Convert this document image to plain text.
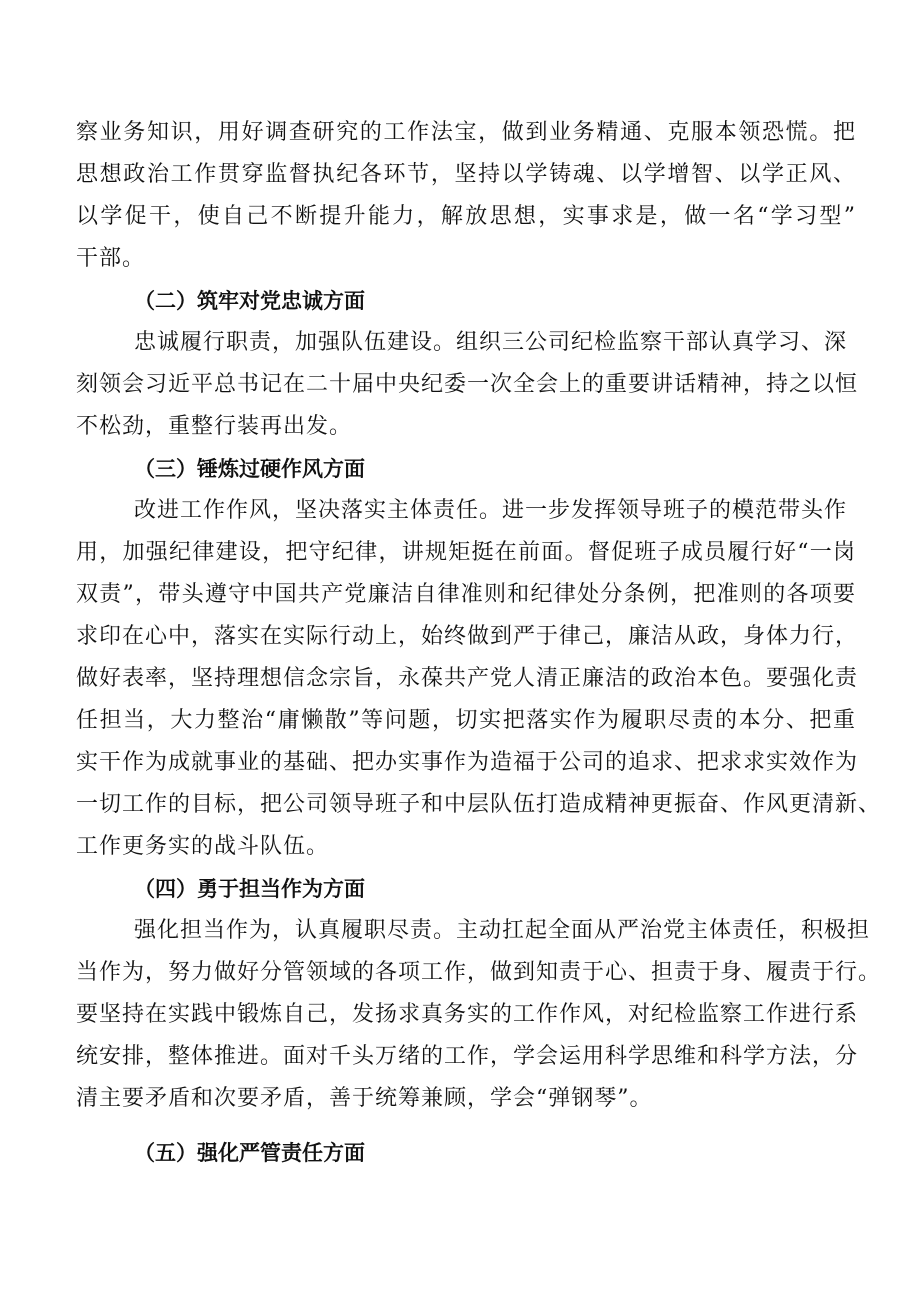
察业务知识，用好调查研究的工作法宝，做到业务精通、克服本领恐慌。把
思想政治工作贯穿监督执纪各环节，坚持以学铸魂、以学增智、以学正风、
以学促干，使自己不断提升能力，解放思想，实事求是，做一名“学习型”
干部。
（二）筑牢对党忠诚方面
忠诚履行职责，加强队伍建设。组织三公司纪检监察干部认真学习、深
刻领会习近平总书记在二十届中央纪委一次全会上的重要讲话精神，持之以恒
不松劲，重整行装再出发。
（三）锤炼过硬作风方面
改进工作作风，坚决落实主体责任。进一步发挥领导班子的模范带头作
用，加强纪律建设，把守纪律，讲规矩挺在前面。督促班子成员履行好“一岗
双责”，带头遵守中国共产党廉洁自律准则和纪律处分条例，把准则的各项要
求印在心中，落实在实际行动上，始终做到严于律己，廉洁从政，身体力行，
做好表率，坚持理想信念宗旨，永葆共产党人清正廉洁的政治本色。要强化责
任担当，大力整治“庸懒散”等问题，切实把落实作为履职尽责的本分、把重
实干作为成就事业的基础、把办实事作为造福于公司的追求、把求求实效作为
一切工作的目标，把公司领导班子和中层队伍打造成精神更振奋、作风更清新、
工作更务实的战斗队伍。
（四）勇于担当作为方面
强化担当作为，认真履职尽责。主动扛起全面从严治党主体责任，积极担
当作为，努力做好分管领域的各项工作，做到知责于心、担责于身、履责于行。
要坚持在实践中锻炼自己，发扬求真务实的工作作风，对纪检监察工作进行系
统安排，整体推进。面对千头万绪的工作，学会运用科学思维和科学方法，分
清主要矛盾和次要矛盾，善于统筹兼顾，学会“弹钢琴”。
（五）强化严管责任方面
